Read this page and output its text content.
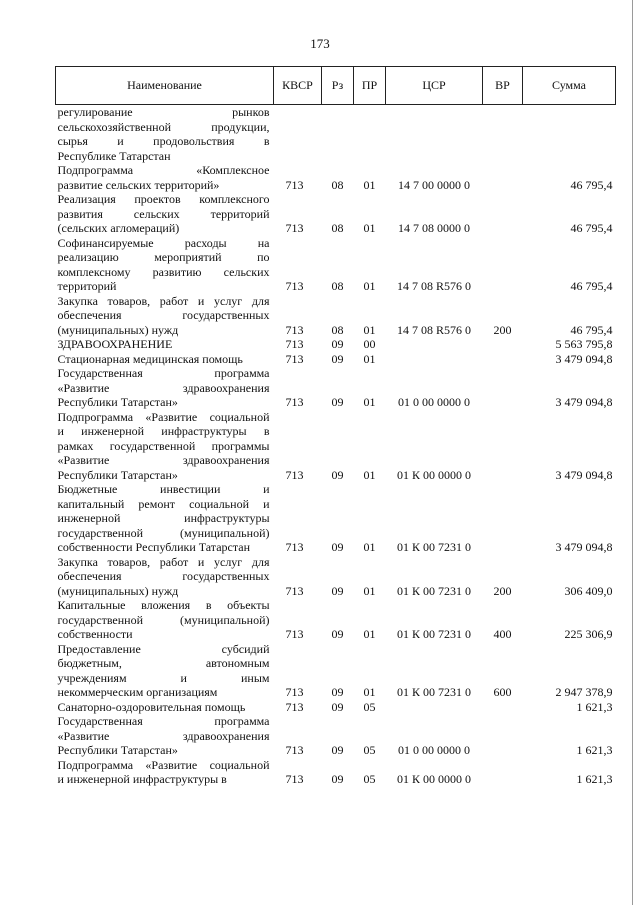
173
Наименование	КВСР	Рз	ПР	ЦСР	ВР	Сумма

регулирование рынков
сельскохозяйственной продукции,
сырья и продовольствия в
Республике Татарстан						

Подпрограмма «Комплексное
развитие сельских территорий»	713	08	01	14 7 00 0000 0		46 795,4

Реализация проектов комплексного
развития сельских территорий
(сельских агломераций)	713	08	01	14 7 08 0000 0		46 795,4

Софинансируемые расходы на
реализацию мероприятий по
комплексному развитию сельских
территорий	713	08	01	14 7 08 R576 0		46 795,4

Закупка товаров, работ и услуг для
обеспечения государственных
(муниципальных) нужд	713	08	01	14 7 08 R576 0	200	46 795,4

ЗДРАВООХРАНЕНИЕ	713	09	00			5 563 795,8

Стационарная медицинская помощь	713	09	01			3 479 094,8

Государственная программа
«Развитие здравоохранения
Республики Татарстан»	713	09	01	01 0 00 0000 0		3 479 094,8

Подпрограмма «Развитие социальной
и инженерной инфраструктуры в
рамках государственной программы
«Развитие здравоохранения
Республики Татарстан»	713	09	01	01 К 00 0000 0		3 479 094,8

Бюджетные инвестиции и
капитальный ремонт социальной и
инженерной инфраструктуры
государственной (муниципальной)
собственности Республики Татарстан	713	09	01	01 К 00 7231 0		3 479 094,8

Закупка товаров, работ и услуг для
обеспечения государственных
(муниципальных) нужд	713	09	01	01 К 00 7231 0	200	306 409,0

Капитальные вложения в объекты
государственной (муниципальной)
собственности	713	09	01	01 К 00 7231 0	400	225 306,9

Предоставление субсидий
бюджетным, автономным
учреждениям и иным
некоммерческим организациям	713	09	01	01 К 00 7231 0	600	2 947 378,9

Санаторно-оздоровительная помощь	713	09	05			1 621,3

Государственная программа
«Развитие здравоохранения
Республики Татарстан»	713	09	05	01 0 00 0000 0		1 621,3

Подпрограмма «Развитие социальной
и инженерной инфраструктуры в	713	09	05	01 К 00 0000 0		1 621,3
